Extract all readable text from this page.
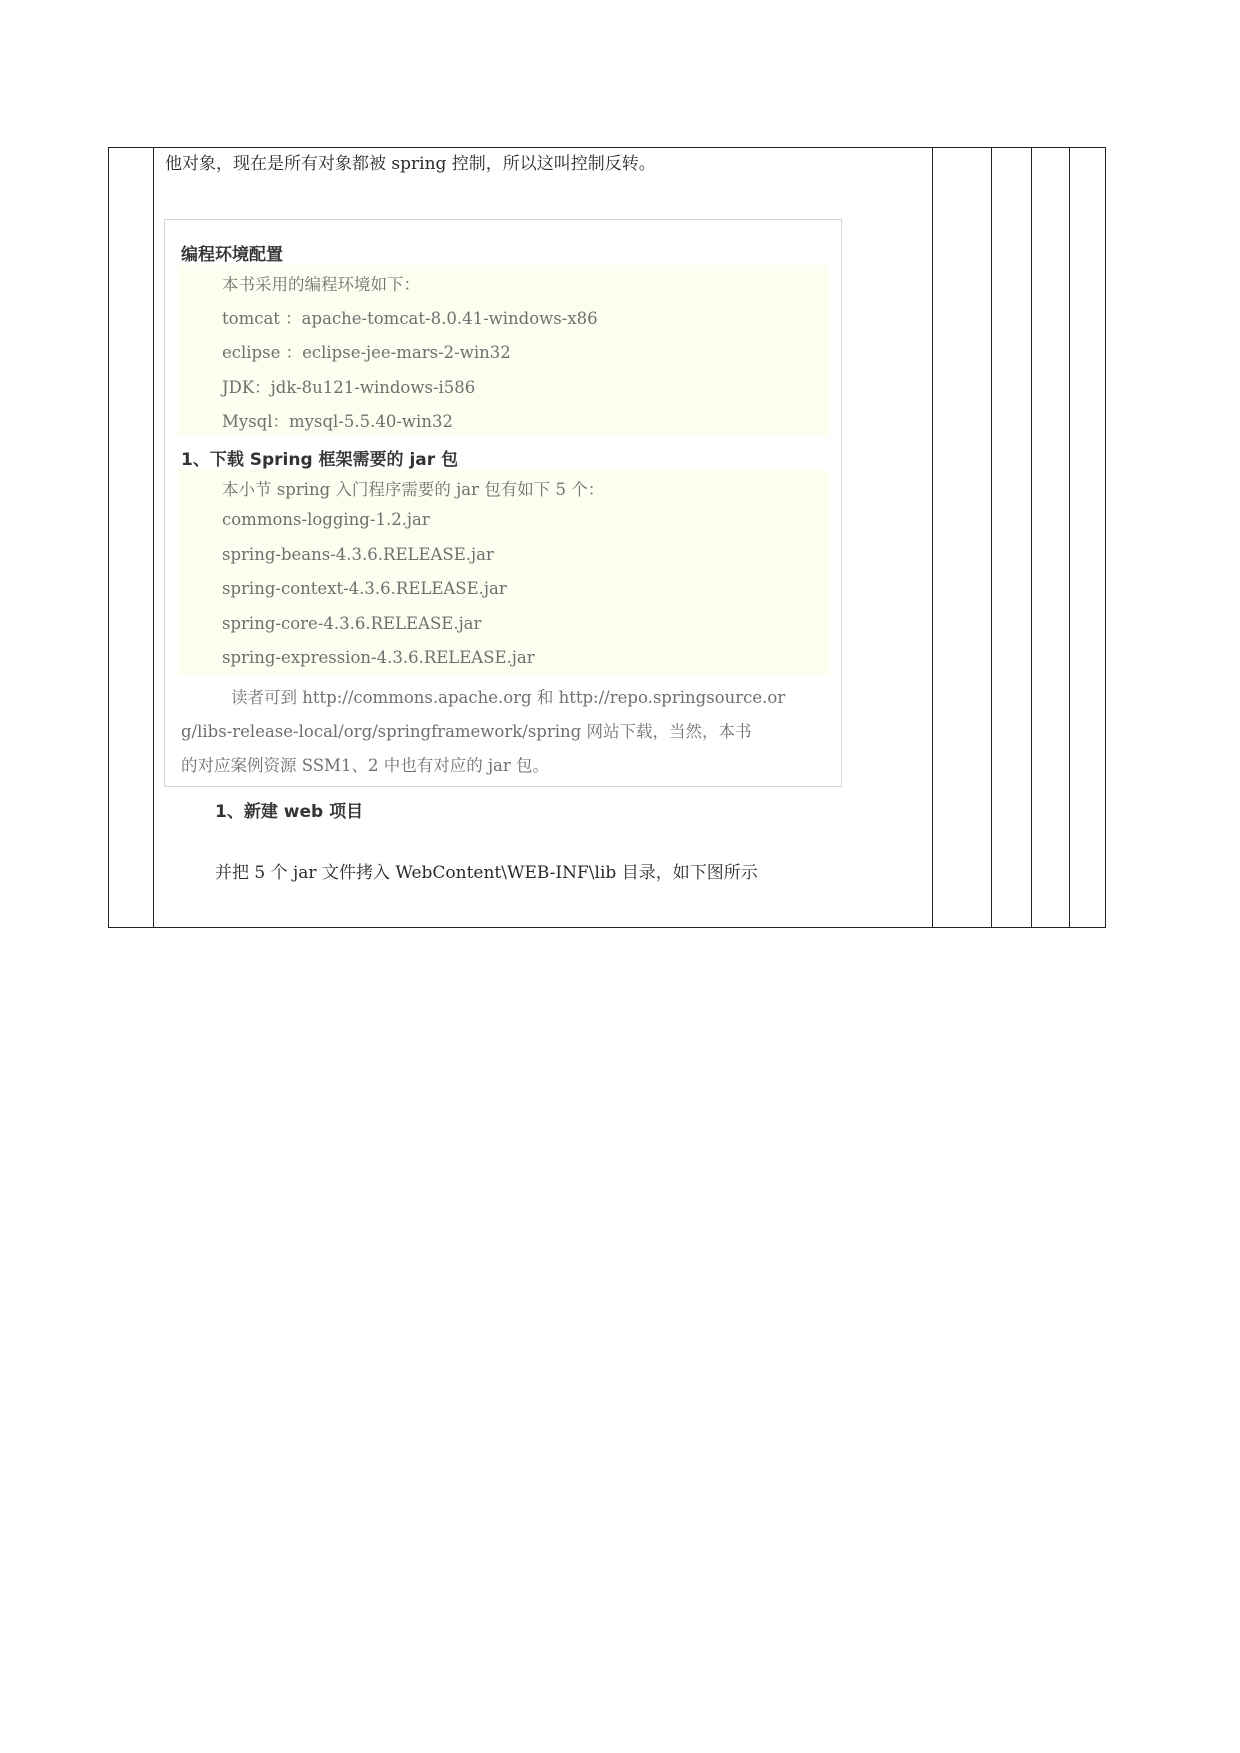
他对象，现在是所有对象都被 spring 控制，所以这叫控制反转。
编程环境配置
本书采用的编程环境如下：
tomcat ：apache-tomcat-8.0.41-windows-x86
eclipse ：eclipse-jee-mars-2-win32
JDK：jdk-8u121-windows-i586
Mysql：mysql-5.5.40-win32
1、下载 Spring 框架需要的 jar 包
本小节 spring 入门程序需要的 jar 包有如下 5 个：
commons-logging-1.2.jar
spring-beans-4.3.6.RELEASE.jar
spring-context-4.3.6.RELEASE.jar
spring-core-4.3.6.RELEASE.jar
spring-expression-4.3.6.RELEASE.jar
读者可到 http://commons.apache.org 和 http://repo.springsource.or
g/libs-release-local/org/springframework/spring 网站下载，当然，本书
的对应案例资源 SSM1、2 中也有对应的 jar 包。
1、新建 web 项目
并把 5 个 jar 文件拷入 WebContent\WEB-INF\lib 目录，如下图所示
